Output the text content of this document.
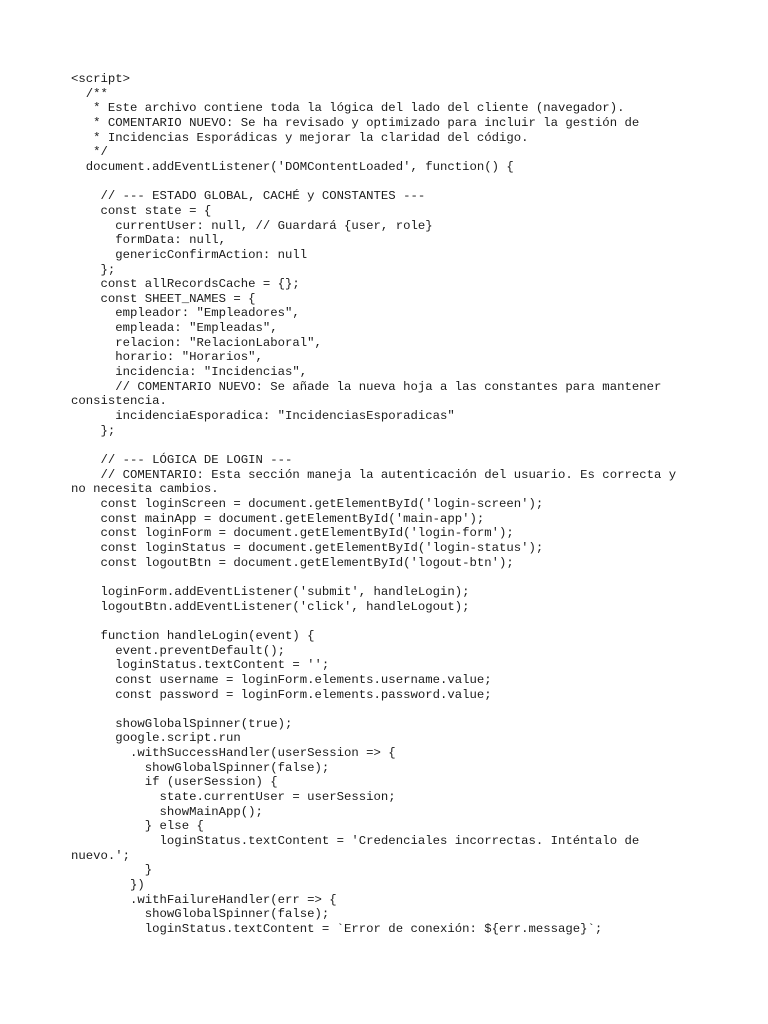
<script>
/**
* Este archivo contiene toda la lógica del lado del cliente (navegador).
* COMENTARIO NUEVO: Se ha revisado y optimizado para incluir la gestión de
* Incidencias Esporádicas y mejorar la claridad del código.
*/
document.addEventListener('DOMContentLoaded', function() {
// --- ESTADO GLOBAL, CACHÉ y CONSTANTES ---
const state = {
currentUser: null, // Guardará {user, role}
formData: null,
genericConfirmAction: null
};
const allRecordsCache = {};
const SHEET_NAMES = {
empleador: "Empleadores",
empleada: "Empleadas",
relacion: "RelacionLaboral",
horario: "Horarios",
incidencia: "Incidencias",
// COMENTARIO NUEVO: Se añade la nueva hoja a las constantes para mantener
consistencia.
incidenciaEsporadica: "IncidenciasEsporadicas"
};
// --- LÓGICA DE LOGIN ---
// COMENTARIO: Esta sección maneja la autenticación del usuario. Es correcta y
no necesita cambios.
const loginScreen = document.getElementById('login-screen');
const mainApp = document.getElementById('main-app');
const loginForm = document.getElementById('login-form');
const loginStatus = document.getElementById('login-status');
const logoutBtn = document.getElementById('logout-btn');
loginForm.addEventListener('submit', handleLogin);
logoutBtn.addEventListener('click', handleLogout);
function handleLogin(event) {
event.preventDefault();
loginStatus.textContent = '';
const username = loginForm.elements.username.value;
const password = loginForm.elements.password.value;
showGlobalSpinner(true);
google.script.run
.withSuccessHandler(userSession => {
showGlobalSpinner(false);
if (userSession) {
state.currentUser = userSession;
showMainApp();
} else {
loginStatus.textContent = 'Credenciales incorrectas. Inténtalo de
nuevo.';
}
})
.withFailureHandler(err => {
showGlobalSpinner(false);
loginStatus.textContent = `Error de conexión: ${err.message}`;
